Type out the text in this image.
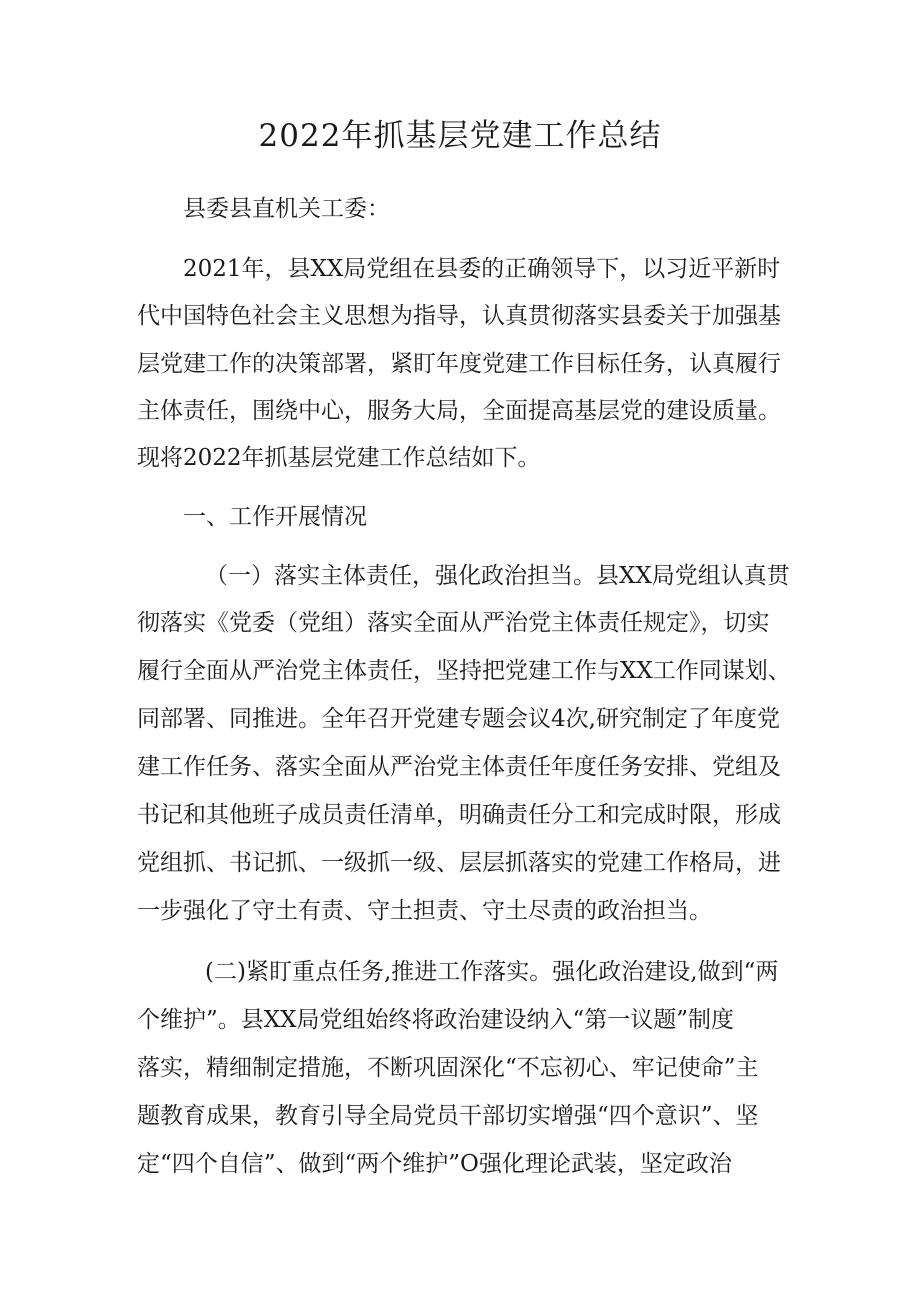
2022年抓基层党建工作总结

县委县直机关工委：

2021年，县XX局党组在县委的正确领导下，以习近平新时

代中国特色社会主义思想为指导，认真贯彻落实县委关于加强基

层党建工作的决策部署，紧盯年度党建工作目标任务，认真履行

主体责任，围绕中心，服务大局，全面提高基层党的建设质量。

现将2022年抓基层党建工作总结如下。

一、工作开展情况

（一）落实主体责任，强化政治担当。县XX局党组认真贯

彻落实《党委（党组）落实全面从严治党主体责任规定》，切实

履行全面从严治党主体责任，坚持把党建工作与XX工作同谋划、

同部署、同推进。全年召开党建专题会议4次,研究制定了年度党

建工作任务、落实全面从严治党主体责任年度任务安排、党组及

书记和其他班子成员责任清单，明确责任分工和完成时限，形成

党组抓、书记抓、一级抓一级、层层抓落实的党建工作格局，进

一步强化了守土有责、守土担责、守土尽责的政治担当。

(二)紧盯重点任务,推进工作落实。强化政治建设,做到“两

个维护”。县XX局党组始终将政治建设纳入“第一议题”制度

落实，精细制定措施，不断巩固深化“不忘初心、牢记使命”主

题教育成果，教育引导全局党员干部切实增强“四个意识”、坚

定“四个自信”、做到“两个维护”O强化理论武装，坚定政治
